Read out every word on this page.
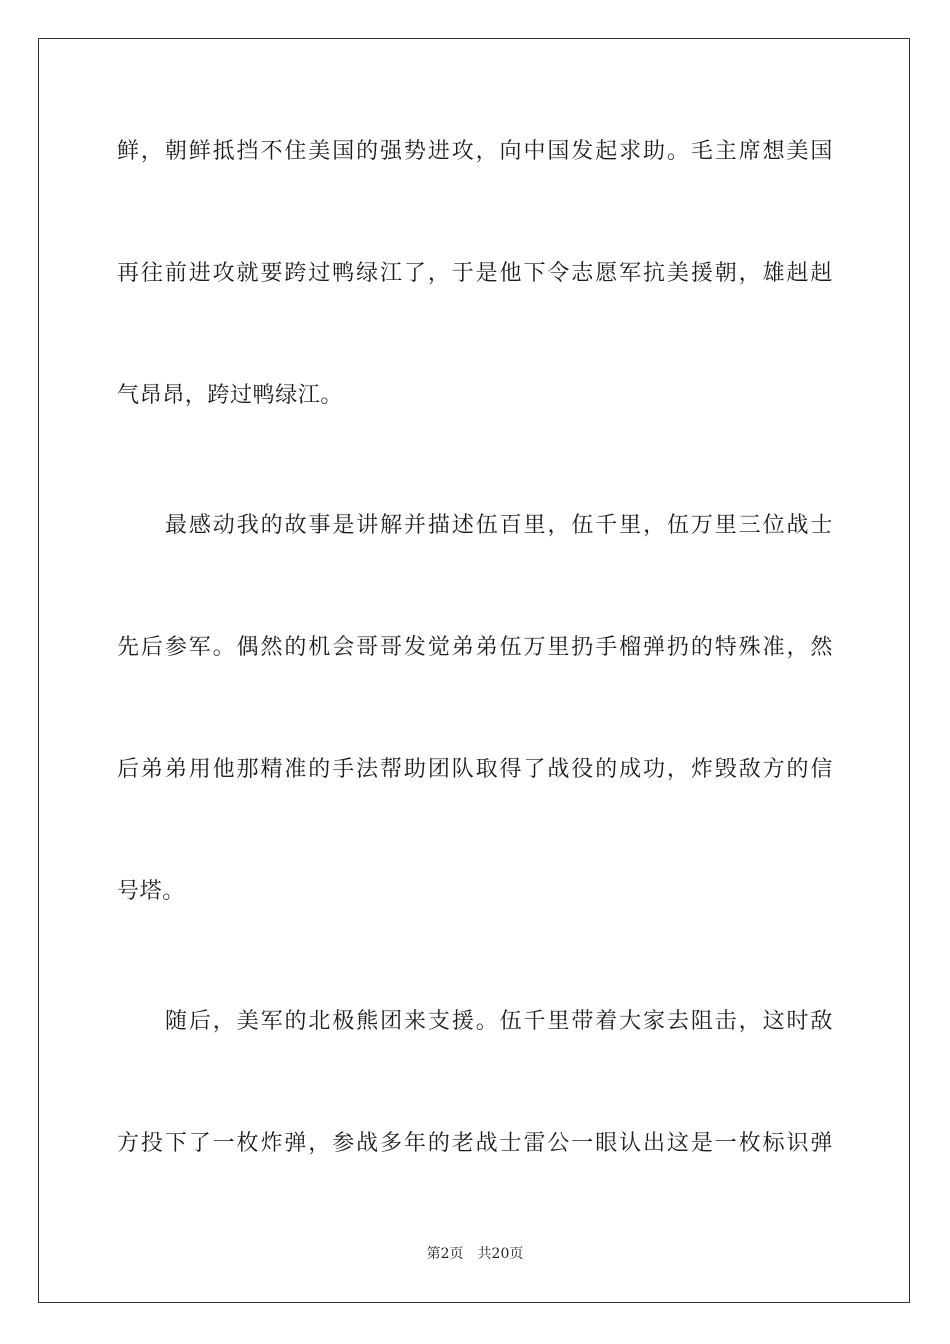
鲜，朝鲜抵挡不住美国的强势进攻，向中国发起求助。毛主席想美国
再往前进攻就要跨过鸭绿江了，于是他下令志愿军抗美援朝，雄赳赳
气昂昂，跨过鸭绿江。
最感动我的故事是讲解并描述伍百里，伍千里，伍万里三位战士
先后参军。偶然的机会哥哥发觉弟弟伍万里扔手榴弹扔的特殊准，然
后弟弟用他那精准的手法帮助团队取得了战役的成功，炸毁敌方的信
号塔。
随后，美军的北极熊团来支援。伍千里带着大家去阻击，这时敌
方投下了一枚炸弹，参战多年的老战士雷公一眼认出这是一枚标识弹
第2页 共20页
